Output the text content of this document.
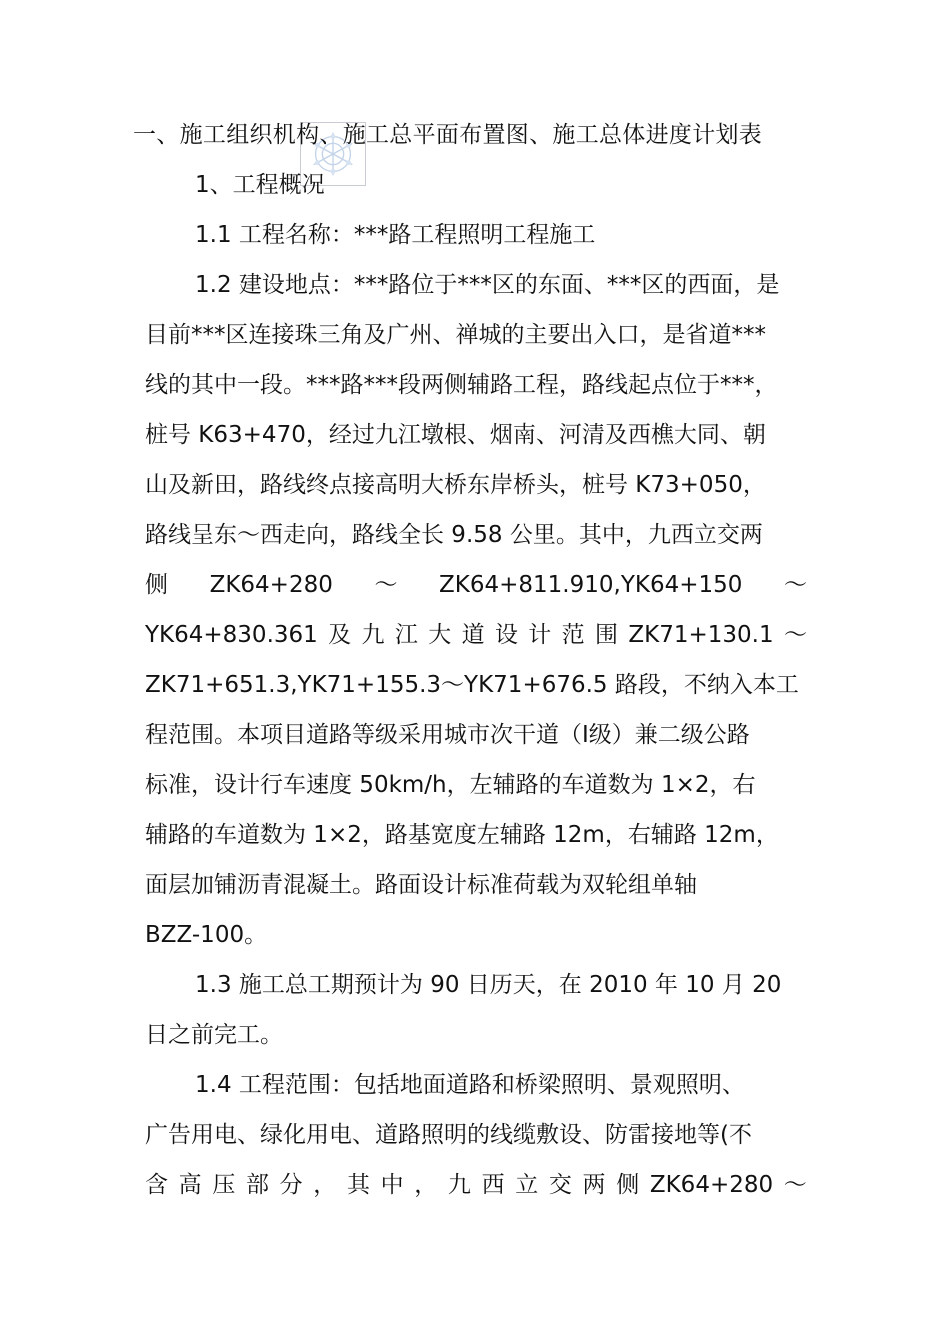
一、施工组织机构、施工总平面布置图、施工总体进度计划表
1、工程概况
1.1 工程名称：***路工程照明工程施工
1.2 建设地点：***路位于***区的东面、***区的西面，是
目前***区连接珠三角及广州、禅城的主要出入口，是省道***
线的其中一段。***路***段两侧辅路工程，路线起点位于***，
桩号 K63+470，经过九江墩根、烟南、河清及西樵大同、朝
山及新田，路线终点接高明大桥东岸桥头，桩号 K73+050，
路线呈东～西走向，路线全长 9.58 公里。其中，九西立交两
侧 ZK64+280 ～ ZK64+811.910,YK64+150 ～
YK64+830.361 及 九 江 大 道 设 计 范 围 ZK71+130.1 ～
ZK71+651.3,YK71+155.3～YK71+676.5 路段，不纳入本工
程范围。本项目道路等级采用城市次干道（I级）兼二级公路
标准，设计行车速度 50km/h，左辅路的车道数为 1×2，右
辅路的车道数为 1×2，路基宽度左辅路 12m，右辅路 12m，
面层加铺沥青混凝土。路面设计标准荷载为双轮组单轴
BZZ-100。
1.3 施工总工期预计为 90 日历天，在 2010 年 10 月 20
日之前完工。
1.4 工程范围：包括地面道路和桥梁照明、景观照明、
广告用电、绿化用电、道路照明的线缆敷设、防雷接地等(不
含 高 压 部 分 ， 其 中 ， 九 西 立 交 两 侧 ZK64+280 ～
